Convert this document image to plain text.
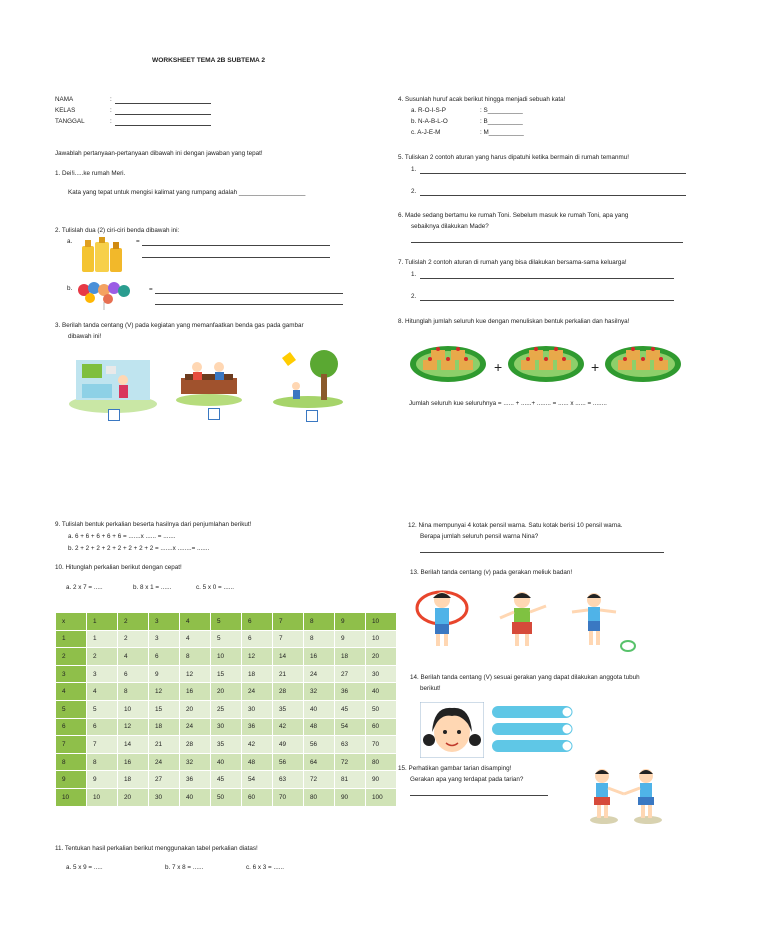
WORKSHEET TEMA 2B SUBTEMA 2
NAMA	:
KELAS	:
TANGGAL	:
Jawablah pertanyaan-pertanyaan dibawah ini dengan jawaban yang tepat!
1. Dei!i.....ke rumah Meri.
Kata yang tepat untuk mengisi kalimat yang rumpang adalah ___________________
2. Tulislah dua (2) ciri-ciri benda dibawah ini:
a.	=
b.	=
3. Berilah tanda centang (V) pada kegiatan yang memanfaatkan benda gas pada gambar
dibawah ini!
4. Susunlah huruf acak berikut hingga menjadi sebuah kata!
a. R-O-I-S-P	: S__________
b. N-A-B-L-O	: B__________
c. A-J-E-M	: M__________
5. Tuliskan 2 contoh aturan yang harus dipatuhi ketika bermain di rumah temanmu!
1.
2.
6. Made sedang bertamu ke rumah Toni. Sebelum masuk ke rumah Toni, apa yang
sebaiknya dilakukan Made?
7. Tulislah 2 contoh aturan di rumah yang bisa dilakukan bersama-sama keluarga!
1.
2.
8. Hitunglah jumlah seluruh kue dengan menuliskan bentuk perkalian dan hasilnya!
+	+
Jumlah seluruh kue seluruhnya = ...... + ......+ ........ = ...... x ...... = ........
9. Tulislah bentuk perkalian beserta hasilnya dari penjumlahan berikut!
a. 6 + 6 + 6 + 6 + 6 = .......x ...... = .......
b. 2 + 2 + 2 + 2 + 2 + 2 + 2 + 2 = .......x ........= .......
10. Hitunglah perkalian berikut dengan cepat!
a. 2 x 7 = .....	b. 8 x 1 = ......	c. 5 x 0 = ......
x	1	2	3	4	5	6	7	8	9	10
1	1	2	3	4	5	6	7	8	9	10
2	2	4	6	8	10	12	14	16	18	20
3	3	6	9	12	15	18	21	24	27	30
4	4	8	12	16	20	24	28	32	36	40
5	5	10	15	20	25	30	35	40	45	50
6	6	12	18	24	30	36	42	48	54	60
7	7	14	21	28	35	42	49	56	63	70
8	8	16	24	32	40	48	56	64	72	80
9	9	18	27	36	45	54	63	72	81	90
10	10	20	30	40	50	60	70	80	90	100
11. Tentukan hasil perkalian berikut menggunakan tabel perkalian diatas!
a. 5 x 9 = .....	b. 7 x 8 = ......	c. 6 x 3 = ......
12. Nina mempunyai 4 kotak pensil warna. Satu kotak berisi 10 pensil warna.
Berapa jumlah seluruh pensil warna Nina?
13. Berilah tanda centang (v) pada gerakan meliuk badan!
14. Berilah tanda centang (V) sesuai gerakan yang dapat dilakukan anggota tubuh
berikut!
15. Perhatikan gambar tarian disamping!
Gerakan apa yang terdapat pada tarian?
